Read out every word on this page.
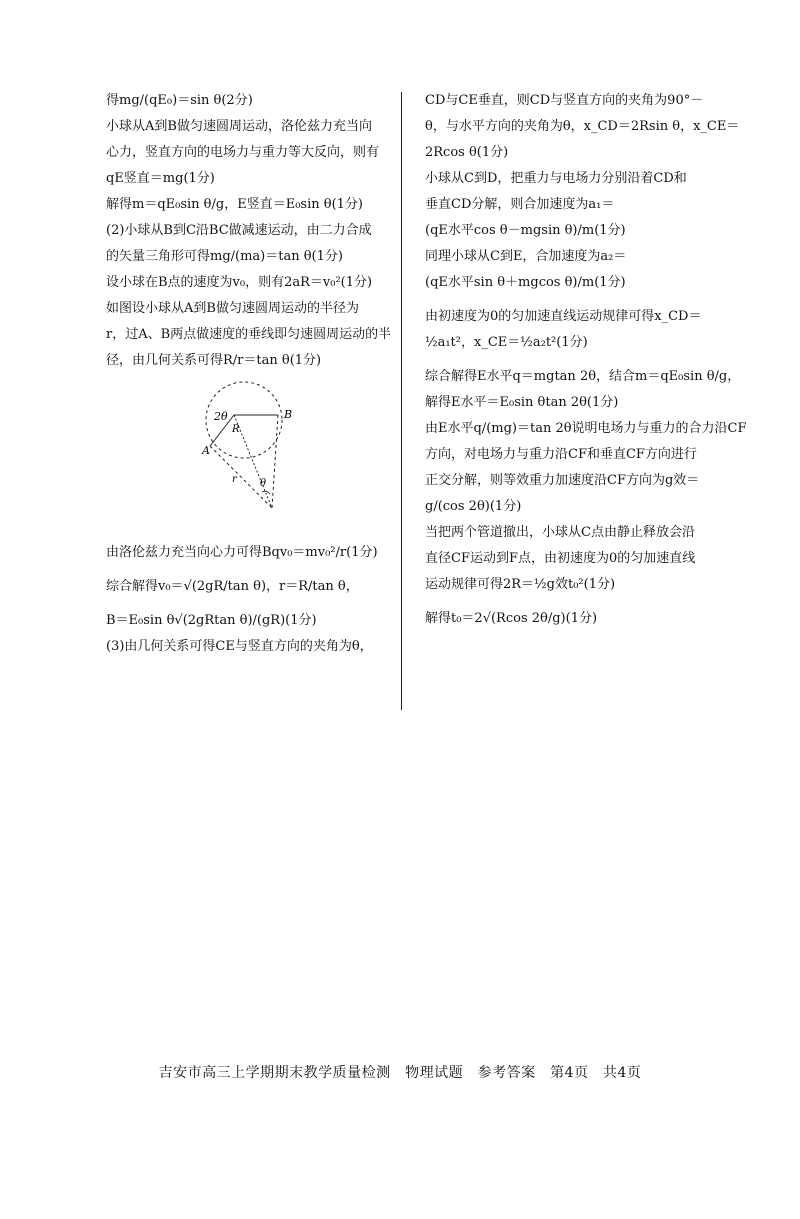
得mg/(qE₀)＝sin θ(2分)

小球从A到B做匀速圆周运动，洛伦兹力充当向

心力，竖直方向的电场力与重力等大反向，则有

qE竖直＝mg(1分)

解得m＝qE₀sin θ/g，E竖直＝E₀sin θ(1分)

(2)小球从B到C沿BC做减速运动，由二力合成

的矢量三角形可得mg/(ma)＝tan θ(1分)

设小球在B点的速度为v₀，则有2aR＝v₀²(1分)

如图设小球从A到B做匀速圆周运动的半径为

r，过A、B两点做速度的垂线即匀速圆周运动的半

径，由几何关系可得R/r＝tan θ(1分)

2θ
R
A
B
r θ

由洛伦兹力充当向心力可得Bqv₀＝mv₀²/r(1分)

综合解得v₀＝√(2gR/tan θ)，r＝R/tan θ，

B＝E₀sin θ√(2gRtan θ)/(gR)(1分)

(3)由几何关系可得CE与竖直方向的夹角为θ，

CD与CE垂直，则CD与竖直方向的夹角为90°－

θ，与水平方向的夹角为θ，x_CD＝2Rsin θ，x_CE＝

2Rcos θ(1分)

小球从C到D，把重力与电场力分别沿着CD和

垂直CD分解，则合加速度为a₁＝

(qE水平cos θ－mgsin θ)/m(1分)

同理小球从C到E，合加速度为a₂＝

(qE水平sin θ＋mgcos θ)/m(1分)

由初速度为0的匀加速直线运动规律可得x_CD＝

½a₁t²，x_CE＝½a₂t²(1分)

综合解得E水平q＝mgtan 2θ，结合m＝qE₀sin θ/g，

解得E水平＝E₀sin θtan 2θ(1分)

由E水平q/(mg)＝tan 2θ说明电场力与重力的合力沿CF

方向，对电场力与重力沿CF和垂直CF方向进行

正交分解，则等效重力加速度沿CF方向为g效＝

g/(cos 2θ)(1分)

当把两个管道撤出，小球从C点由静止释放会沿

直径CF运动到F点，由初速度为0的匀加速直线

运动规律可得2R＝½g效t₀²(1分)

解得t₀＝2√(Rcos 2θ/g)(1分)

吉安市高三上学期期末教学质量检测　物理试题　参考答案　第4页　共4页
